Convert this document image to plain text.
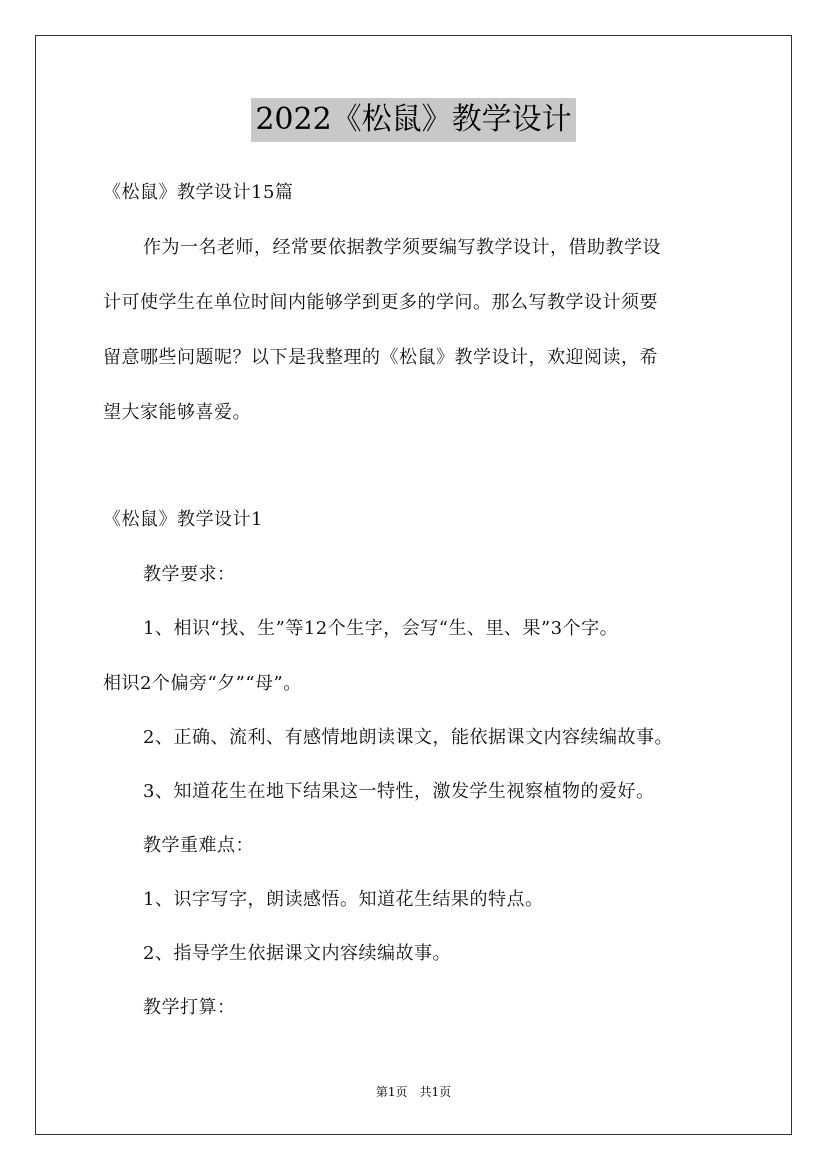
2022《松鼠》教学设计
《松鼠》教学设计15篇
作为一名老师，经常要依据教学须要编写教学设计，借助教学设
计可使学生在单位时间内能够学到更多的学问。那么写教学设计须要
留意哪些问题呢？以下是我整理的《松鼠》教学设计，欢迎阅读，希
望大家能够喜爱。
《松鼠》教学设计1
教学要求：
1、相识“找、生”等12个生字，会写“生、里、果”3个字。
相识2个偏旁“夕”“母”。
2、正确、流利、有感情地朗读课文，能依据课文内容续编故事。
3、知道花生在地下结果这一特性，激发学生视察植物的爱好。
教学重难点：
1、识字写字，朗读感悟。知道花生结果的特点。
2、指导学生依据课文内容续编故事。
教学打算：
第1页　共1页
